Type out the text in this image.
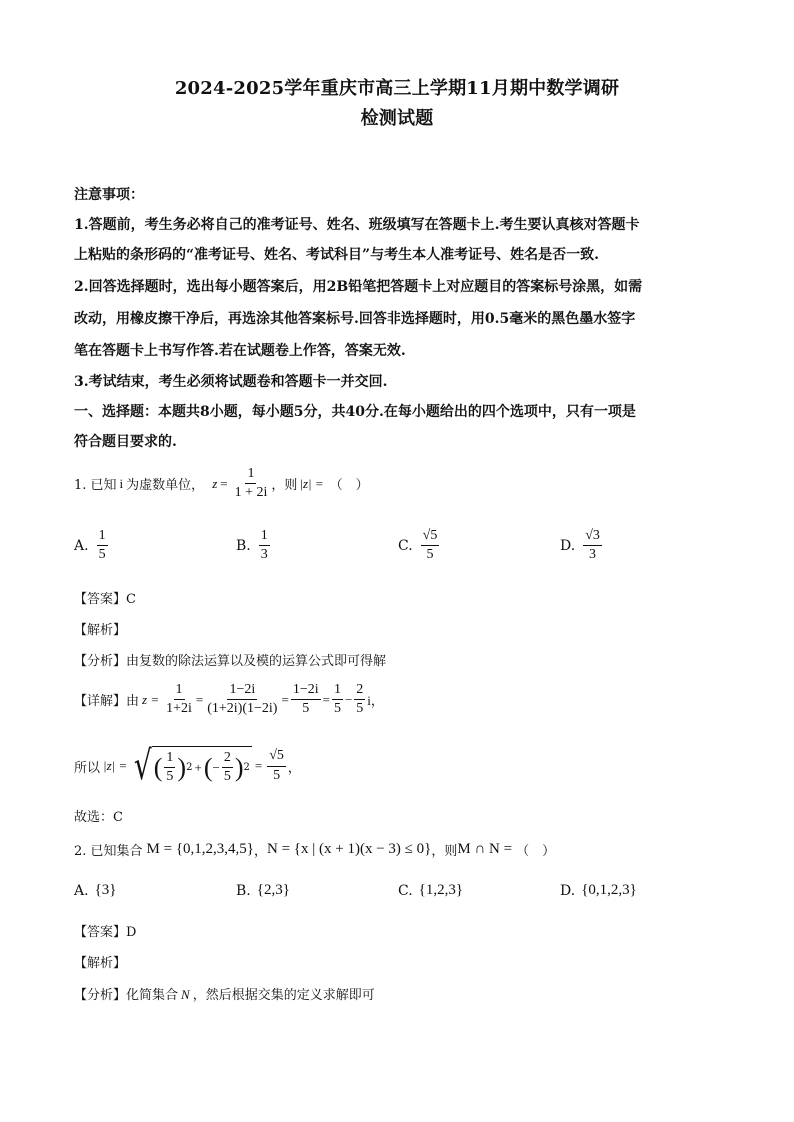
2024-2025学年重庆市高三上学期11月期中数学调研
检测试题
注意事项：
1.答题前，考生务必将自己的准考证号、姓名、班级填写在答题卡上.考生要认真核对答题卡
上粘贴的条形码的“准考证号、姓名、考试科目”与考生本人准考证号、姓名是否一致.
2.回答选择题时，选出每小题答案后，用2B铅笔把答题卡上对应题目的答案标号涂黑，如需
改动，用橡皮擦干净后，再选涂其他答案标号.回答非选择题时，用0.5毫米的黑色墨水签字
笔在答题卡上书写作答.若在试题卷上作答，答案无效.
3.考试结束，考生必须将试题卷和答题卡一并交回.
一、选择题：本题共8小题，每小题5分，共40分.在每小题给出的四个选项中，只有一项是
符合题目要求的.
1. 已知 i 为虚数单位， $z = \frac{1}{1 + 2i}$ ，则 |z| = （　）
A. $\frac{1}{5}$	B. $\frac{1}{3}$	C. $\frac{√5}{5}$	D. $\frac{√3}{3}$
【答案】C
【解析】
【分析】由复数的除法运算以及模的运算公式即可得解
【详解】由 $z = \frac{1}{1+2i} = \frac{1-2i}{(1+2i)(1-2i)} = \frac{1-2i}{5} = \frac{1}{5} - \frac{2}{5}$ i，
所以 |z| = √ ( $\frac{1}{5}$ ) 2 + ( − $\frac{2}{5}$ ) $2 = \frac{√5}{5}$ ，
故选：C
2. 已知集合 M = {0,1,2,3,4,5} ， N = {x | (x + 1)(x − 3) ≤ 0} ，则 M ∩ N = （　）
A. {3}	B. {2,3}	C. {1,2,3}	D. {0,1,2,3}
【答案】D
【解析】
【分析】化简集合 N ，然后根据交集的定义求解即可
